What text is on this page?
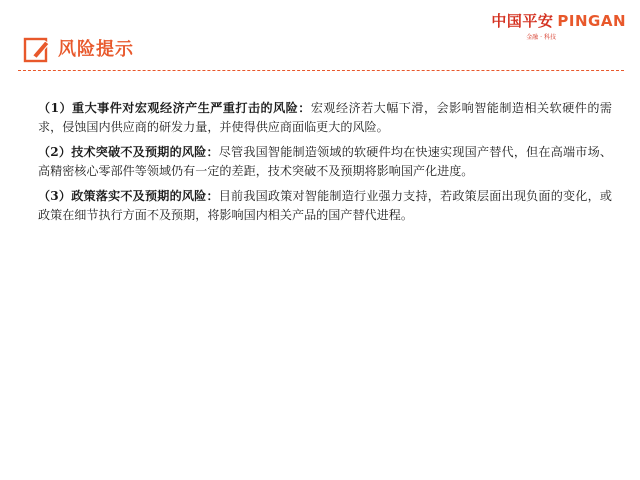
中国平安 PINGAN
金融 · 科技
风险提示

（1）重大事件对宏观经济产生严重打击的风险：宏观经济若大幅下滑，会影响智能制造相关软硬件的需求，侵蚀国内供应商的研发力量，并使得供应商面临更大的风险。

（2）技术突破不及预期的风险：尽管我国智能制造领域的软硬件均在快速实现国产替代，但在高端市场、高精密核心零部件等领域仍有一定的差距，技术突破不及预期将影响国产化进度。

（3）政策落实不及预期的风险：目前我国政策对智能制造行业强力支持，若政策层面出现负面的变化，或政策在细节执行方面不及预期，将影响国内相关产品的国产替代进程。
